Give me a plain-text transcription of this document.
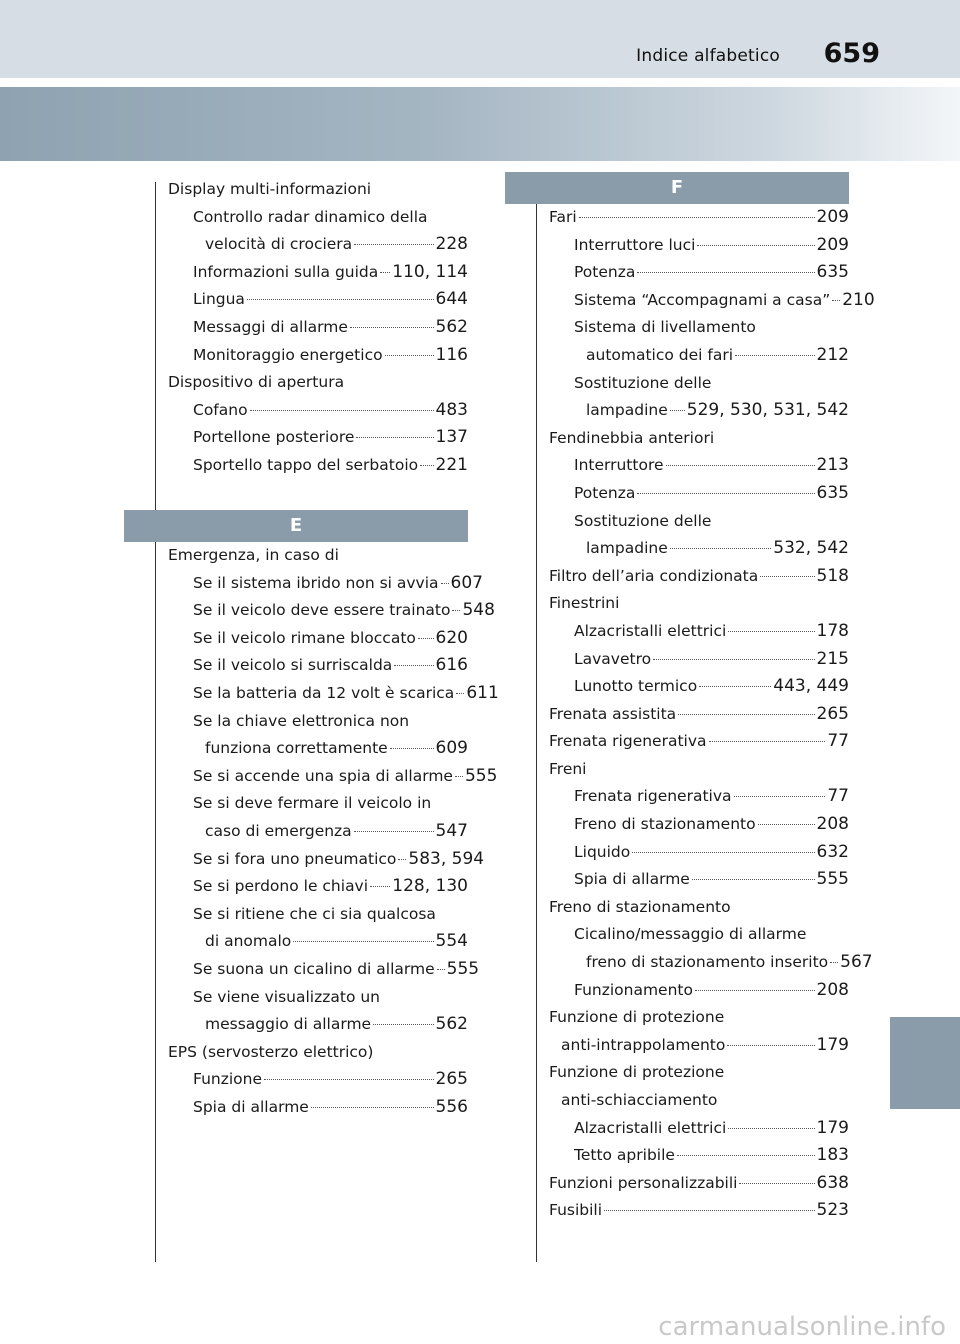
Indice alfabetico 659
Display multi-informazioni
Controllo radar dinamico della
velocità di crociera	228
Informazioni sulla guida 110, 114
Lingua	644
Messaggi di allarme	562
Monitoraggio energetico	116
Dispositivo di apertura
Cofano	483
Portellone posteriore	137
Sportello tappo del serbatoio 221
E
Emergenza, in caso di
Se il sistema ibrido non si avvia 607
Se il veicolo deve essere trainato 548
Se il veicolo rimane bloccato 620
Se il veicolo si surriscalda	616
Se la batteria da 12 volt è scarica 611
Se la chiave elettronica non
funziona correttamente	609
Se si accende una spia di allarme 555
Se si deve fermare il veicolo in
caso di emergenza	547
Se si fora uno pneumatico 583, 594
Se si perdono le chiavi 128, 130
Se si ritiene che ci sia qualcosa
di anomalo	554
Se suona un cicalino di allarme 555
Se viene visualizzato un
messaggio di allarme	562
EPS (servosterzo elettrico)
Funzione	265
Spia di allarme	556
F
Fari	209
Interruttore luci	209
Potenza	635
Sistema “Accompagnami a casa” 210
Sistema di livellamento
automatico dei fari	212
Sostituzione delle
lampadine 529, 530, 531, 542
Fendinebbia anteriori
Interruttore	213
Potenza	635
Sostituzione delle
lampadine	532, 542
Filtro dell’aria condizionata	518
Finestrini
Alzacristalli elettrici	178
Lavavetro	215
Lunotto termico	443, 449
Frenata assistita	265
Frenata rigenerativa	77
Freni
Frenata rigenerativa	77
Freno di stazionamento	208
Liquido	632
Spia di allarme	555
Freno di stazionamento
Cicalino/messaggio di allarme
freno di stazionamento inserito 567
Funzionamento	208
Funzione di protezione
anti-intrappolamento	179
Funzione di protezione
anti-schiacciamento
Alzacristalli elettrici	179
Tetto apribile	183
Funzioni personalizzabili	638
Fusibili	523
carmanualsonline.info
